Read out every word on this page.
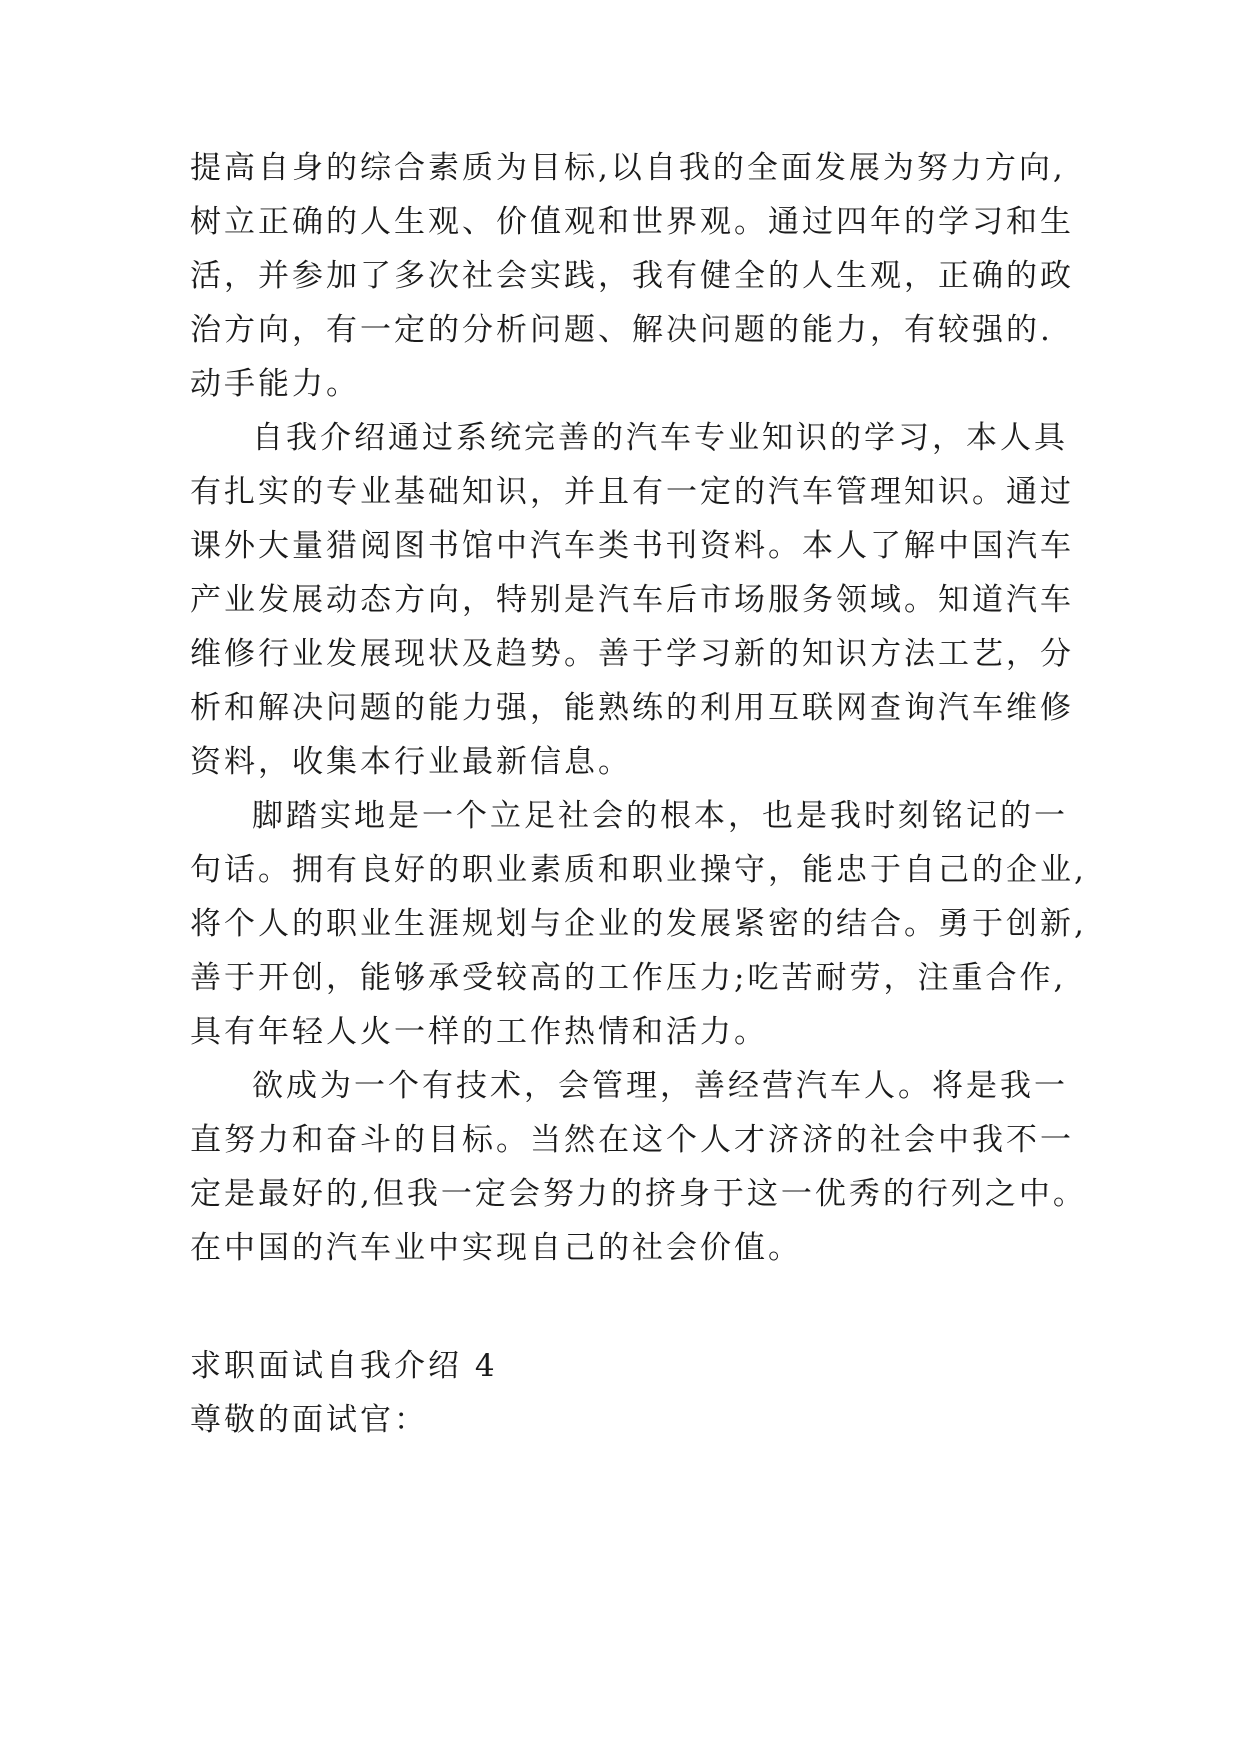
提高自身的综合素质为目标,以自我的全面发展为努力方向,
树立正确的人生观、价值观和世界观。通过四年的学习和生
活，并参加了多次社会实践，我有健全的人生观，正确的政
治方向，有一定的分析问题、解决问题的能力，有较强的.
动手能力。
自我介绍通过系统完善的汽车专业知识的学习，本人具
有扎实的专业基础知识，并且有一定的汽车管理知识。通过
课外大量猎阅图书馆中汽车类书刊资料。本人了解中国汽车
产业发展动态方向，特别是汽车后市场服务领域。知道汽车
维修行业发展现状及趋势。善于学习新的知识方法工艺，分
析和解决问题的能力强，能熟练的利用互联网查询汽车维修
资料，收集本行业最新信息。
脚踏实地是一个立足社会的根本，也是我时刻铭记的一
句话。拥有良好的职业素质和职业操守，能忠于自己的企业,
将个人的职业生涯规划与企业的发展紧密的结合。勇于创新,
善于开创，能够承受较高的工作压力;吃苦耐劳，注重合作,
具有年轻人火一样的工作热情和活力。
欲成为一个有技术，会管理，善经营汽车人。将是我一
直努力和奋斗的目标。当然在这个人才济济的社会中我不一
定是最好的,但我一定会努力的挤身于这一优秀的行列之中。
在中国的汽车业中实现自己的社会价值。
求职面试自我介绍 4
尊敬的面试官：
